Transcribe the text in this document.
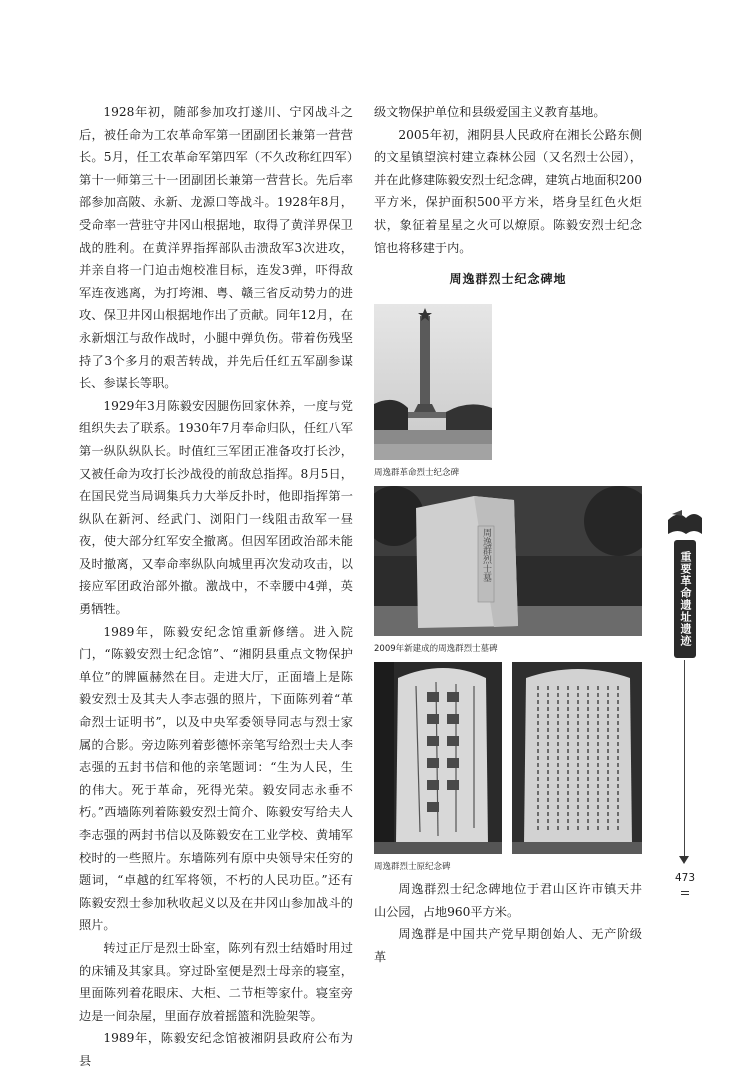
1928年初，随部参加攻打遂川、宁冈战斗之后，被任命为工农革命军第一团副团长兼第一营营长。5月，任工农革命军第四军（不久改称红四军）第十一师第三十一团副团长兼第一营营长。先后率部参加高陂、永新、龙源口等战斗。1928年8月，受命率一营驻守井冈山根据地，取得了黄洋界保卫战的胜利。在黄洋界指挥部队击溃敌军3次进攻，并亲自将一门迫击炮校准目标，连发3弹，吓得敌军连夜逃离，为打垮湘、粤、赣三省反动势力的进攻、保卫井冈山根据地作出了贡献。同年12月，在永新烟江与敌作战时，小腿中弹负伤。带着伤残坚持了3个多月的艰苦转战，并先后任红五军副参谋长、参谋长等职。

1929年3月陈毅安因腿伤回家休养，一度与党组织失去了联系。1930年7月奉命归队，任红八军第一纵队纵队长。时值红三军团正准备攻打长沙，又被任命为攻打长沙战役的前敌总指挥。8月5日，在国民党当局调集兵力大举反扑时，他即指挥第一纵队在新河、经武门、浏阳门一线阻击敌军一昼夜，使大部分红军安全撤离。但因军团政治部未能及时撤离，又奉命率纵队向城里再次发动攻击，以接应军团政治部外撤。激战中，不幸腰中4弹，英勇牺牲。

1989年，陈毅安纪念馆重新修缮。进入院门，“陈毅安烈士纪念馆”、“湘阴县重点文物保护单位”的牌匾赫然在目。走进大厅，正面墙上是陈毅安烈士及其夫人李志强的照片，下面陈列着“革命烈士证明书”，以及中央军委领导同志与烈士家属的合影。旁边陈列着彭德怀亲笔写给烈士夫人李志强的五封书信和他的亲笔题词：“生为人民，生的伟大。死于革命，死得光荣。毅安同志永垂不朽。”西墙陈列着陈毅安烈士简介、陈毅安写给夫人李志强的两封书信以及陈毅安在工业学校、黄埔军校时的一些照片。东墙陈列有原中央领导宋任穷的题词，“卓越的红军将领，不朽的人民功臣。”还有陈毅安烈士参加秋收起义以及在井冈山参加战斗的照片。

转过正厅是烈士卧室，陈列有烈士结婚时用过的床铺及其家具。穿过卧室便是烈士母亲的寝室，里面陈列着花眼床、大柜、二节柜等家什。寝室旁边是一间杂屋，里面存放着摇篮和洗脸架等。

1989年，陈毅安纪念馆被湘阴县政府公布为县

级文物保护单位和县级爱国主义教育基地。

2005年初，湘阴县人民政府在湘长公路东侧的文星镇望滨村建立森林公园（又名烈士公园），并在此修建陈毅安烈士纪念碑，建筑占地面积200平方米，保护面积500平方米，塔身呈红色火炬状，象征着星星之火可以燎原。陈毅安烈士纪念馆也将移建于内。

周逸群烈士纪念碑地
周逸群革命烈士纪念碑
周逸群烈士墓
2009年新建成的周逸群烈士墓碑
周逸群烈士原纪念碑

周逸群烈士纪念碑地位于君山区许市镇天井山公园，占地960平方米。

周逸群是中国共产党早期创始人、无产阶级革

重要革命遗址遗迹
473
